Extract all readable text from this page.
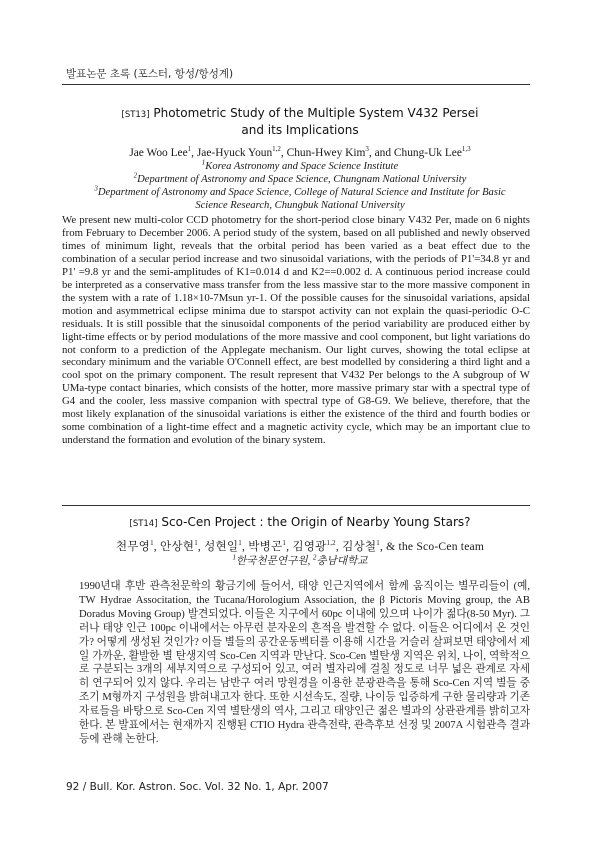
발표논문 초록 (포스터, 항성/항성계)
[ST13] Photometric Study of the Multiple System V432 Persei
and its Implications
Jae Woo Lee$^1$, Jae-Hyuck Youn$^{1,2}$, Chun-Hwey Kim$^3$, and Chung-Uk Lee$^{1,3}$
$^1$Korea Astronomy and Space Science Institute
$^2$Department of Astronomy and Space Science, Chungnam National University
$^3$Department of Astronomy and Space Science, College of Natural Science and Institute for Basic
Science Research, Chungbuk National University

We present new multi-color CCD photometry for the short-period close binary V432 Per, made on 6 nights from February to December 2006. A period study of the system, based on all published and newly observed times of minimum light, reveals that the orbital period has been varied as a beat effect due to the combination of a secular period increase and two sinusoidal variations, with the periods of P1'=34.8 yr and P1' =9.8 yr and the semi-amplitudes of K1=0.014 d and K2==0.002 d. A continuous period increase could be interpreted as a conservative mass transfer from the less massive star to the more massive component in the system with a rate of 1.18×10-7Msun yr-1. Of the possible causes for the sinusoidal variations, apsidal motion and asymmetrical eclipse minima due to starspot activity can not explain the quasi-periodic O-C residuals. It is still possible that the sinusoidal components of the period variability are produced either by light-time effects or by period modulations of the more massive and cool component, but light variations do not conform to a prediction of the Applegate mechanism. Our light curves, showing the total eclipse at secondary minimum and the variable O'Connell effect, are best modelled by considering a third light and a cool spot on the primary component. The result represent that V432 Per belongs to the A subgroup of W UMa-type contact binaries, which consists of the hotter, more massive primary star with a spectral type of G4 and the cooler, less massive companion with spectral type of G8-G9. We believe, therefore, that the most likely explanation of the sinusoidal variations is either the existence of the third and fourth bodies or some combination of a light-time effect and a magnetic activity cycle, which may be an important clue to understand the formation and evolution of the binary system.

[ST14] Sco-Cen Project : the Origin of Nearby Young Stars?
천무영$^1$, 안상현$^1$, 성현일$^1$, 박병곤$^1$, 김영광$^{1,2}$, 김상철$^1$, & the Sco-Cen team
$^1$한국천문연구원, $^2$충남대학교

1990년대 후반 관측천문학의 황금기에 들어서, 태양 인근지역에서 함께 움직이는 별무리들이 (예, TW Hydrae Associtation, the Tucana/Horologium Association, the β Pictoris Moving group, the AB Doradus Moving Group) 발견되었다. 이들은 지구에서 60pc 이내에 있으며 나이가 젊다(8-50 Myr). 그러나 태양 인근 100pc 이내에서는 아무런 분자운의 흔적을 발견할 수 없다. 이들은 어디에서 온 것인가? 어떻게 생성된 것인가? 이들 별들의 공간운동벡터를 이용해 시간을 거슬러 살펴보면 태양에서 제일 가까운, 활발한 별 탄생지역 Sco-Cen 지역과 만난다. Sco-Cen 별탄생 지역은 위치, 나이, 역학적으로 구분되는 3개의 세부지역으로 구성되어 있고, 여러 별자리에 걸칠 정도로 너무 넓은 관계로 자세히 연구되어 있지 않다. 우리는 남반구 여러 망원경을 이용한 분광관측을 통해 Sco-Cen 지역 별들 중 조기 M형까지 구성원을 밝혀내고자 한다. 또한 시선속도, 질량, 나이등 입증하게 구한 물리량과 기존 자료들을 바탕으로 Sco-Cen 지역 별탄생의 역사, 그리고 태양인근 젊은 별과의 상관관계를 밝히고자 한다. 본 발표에서는 현재까지 진행된 CTIO Hydra 관측전략, 관측후보 선정 및 2007A 시험관측 결과 등에 관해 논한다.

92 / Bull. Kor. Astron. Soc. Vol. 32 No. 1, Apr. 2007
